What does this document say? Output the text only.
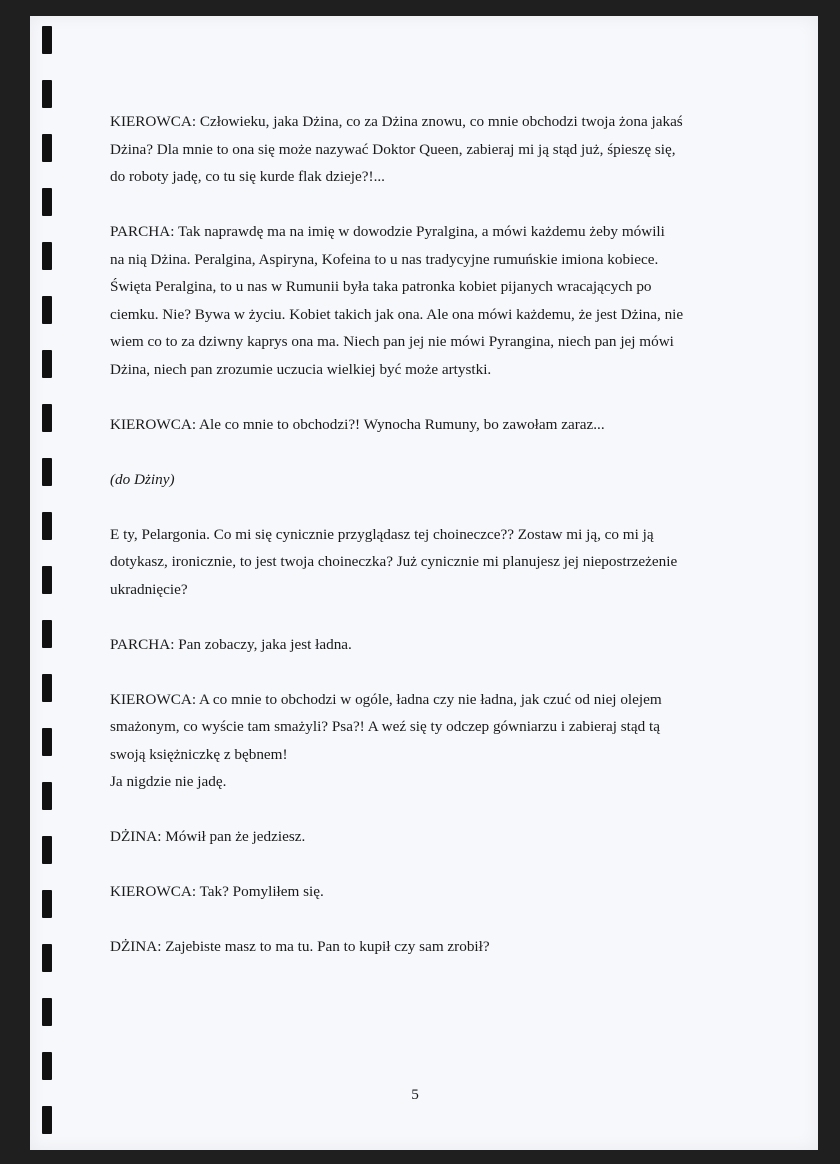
KIEROWCA: Człowieku, jaka Dżina, co za Dżina znowu, co mnie obchodzi twoja żona jakaś
Dżina? Dla mnie to ona się może nazywać Doktor Queen, zabieraj mi ją stąd już, śpieszę się,
do roboty jadę, co tu się kurde flak dzieje?!...

PARCHA: Tak naprawdę ma na imię w dowodzie Pyralgina, a mówi każdemu żeby mówili
na nią Dżina. Peralgina, Aspiryna, Kofeina to u nas tradycyjne rumuńskie imiona kobiece.
Święta Peralgina, to u nas w Rumunii była taka patronka kobiet pijanych wracających po
ciemku. Nie? Bywa w życiu. Kobiet takich jak ona. Ale ona mówi każdemu, że jest Dżina, nie
wiem co to za dziwny kaprys ona ma. Niech pan jej nie mówi Pyrangina, niech pan jej mówi
Dżina, niech pan zrozumie uczucia wielkiej być może artystki.

KIEROWCA: Ale co mnie to obchodzi?! Wynocha Rumuny, bo zawołam zaraz...

(do Dżiny)

E ty, Pelargonia. Co mi się cynicznie przyglądasz tej choineczce?? Zostaw mi ją, co mi ją
dotykasz, ironicznie, to jest twoja choineczka? Już cynicznie mi planujesz jej niepostrzeżenie
ukradnięcie?

PARCHA: Pan zobaczy, jaka jest ładna.

KIEROWCA: A co mnie to obchodzi w ogóle, ładna czy nie ładna, jak czuć od niej olejem
smażonym, co wyście tam smażyli? Psa?! A weź się ty odczep gówniarzu i zabieraj stąd tą
swoją księżniczkę z bębnem!
Ja nigdzie nie jadę.

DŻINA: Mówił pan że jedziesz.

KIEROWCA: Tak? Pomyliłem się.

DŻINA: Zajebiste masz to ma tu. Pan to kupił czy sam zrobił?

5
